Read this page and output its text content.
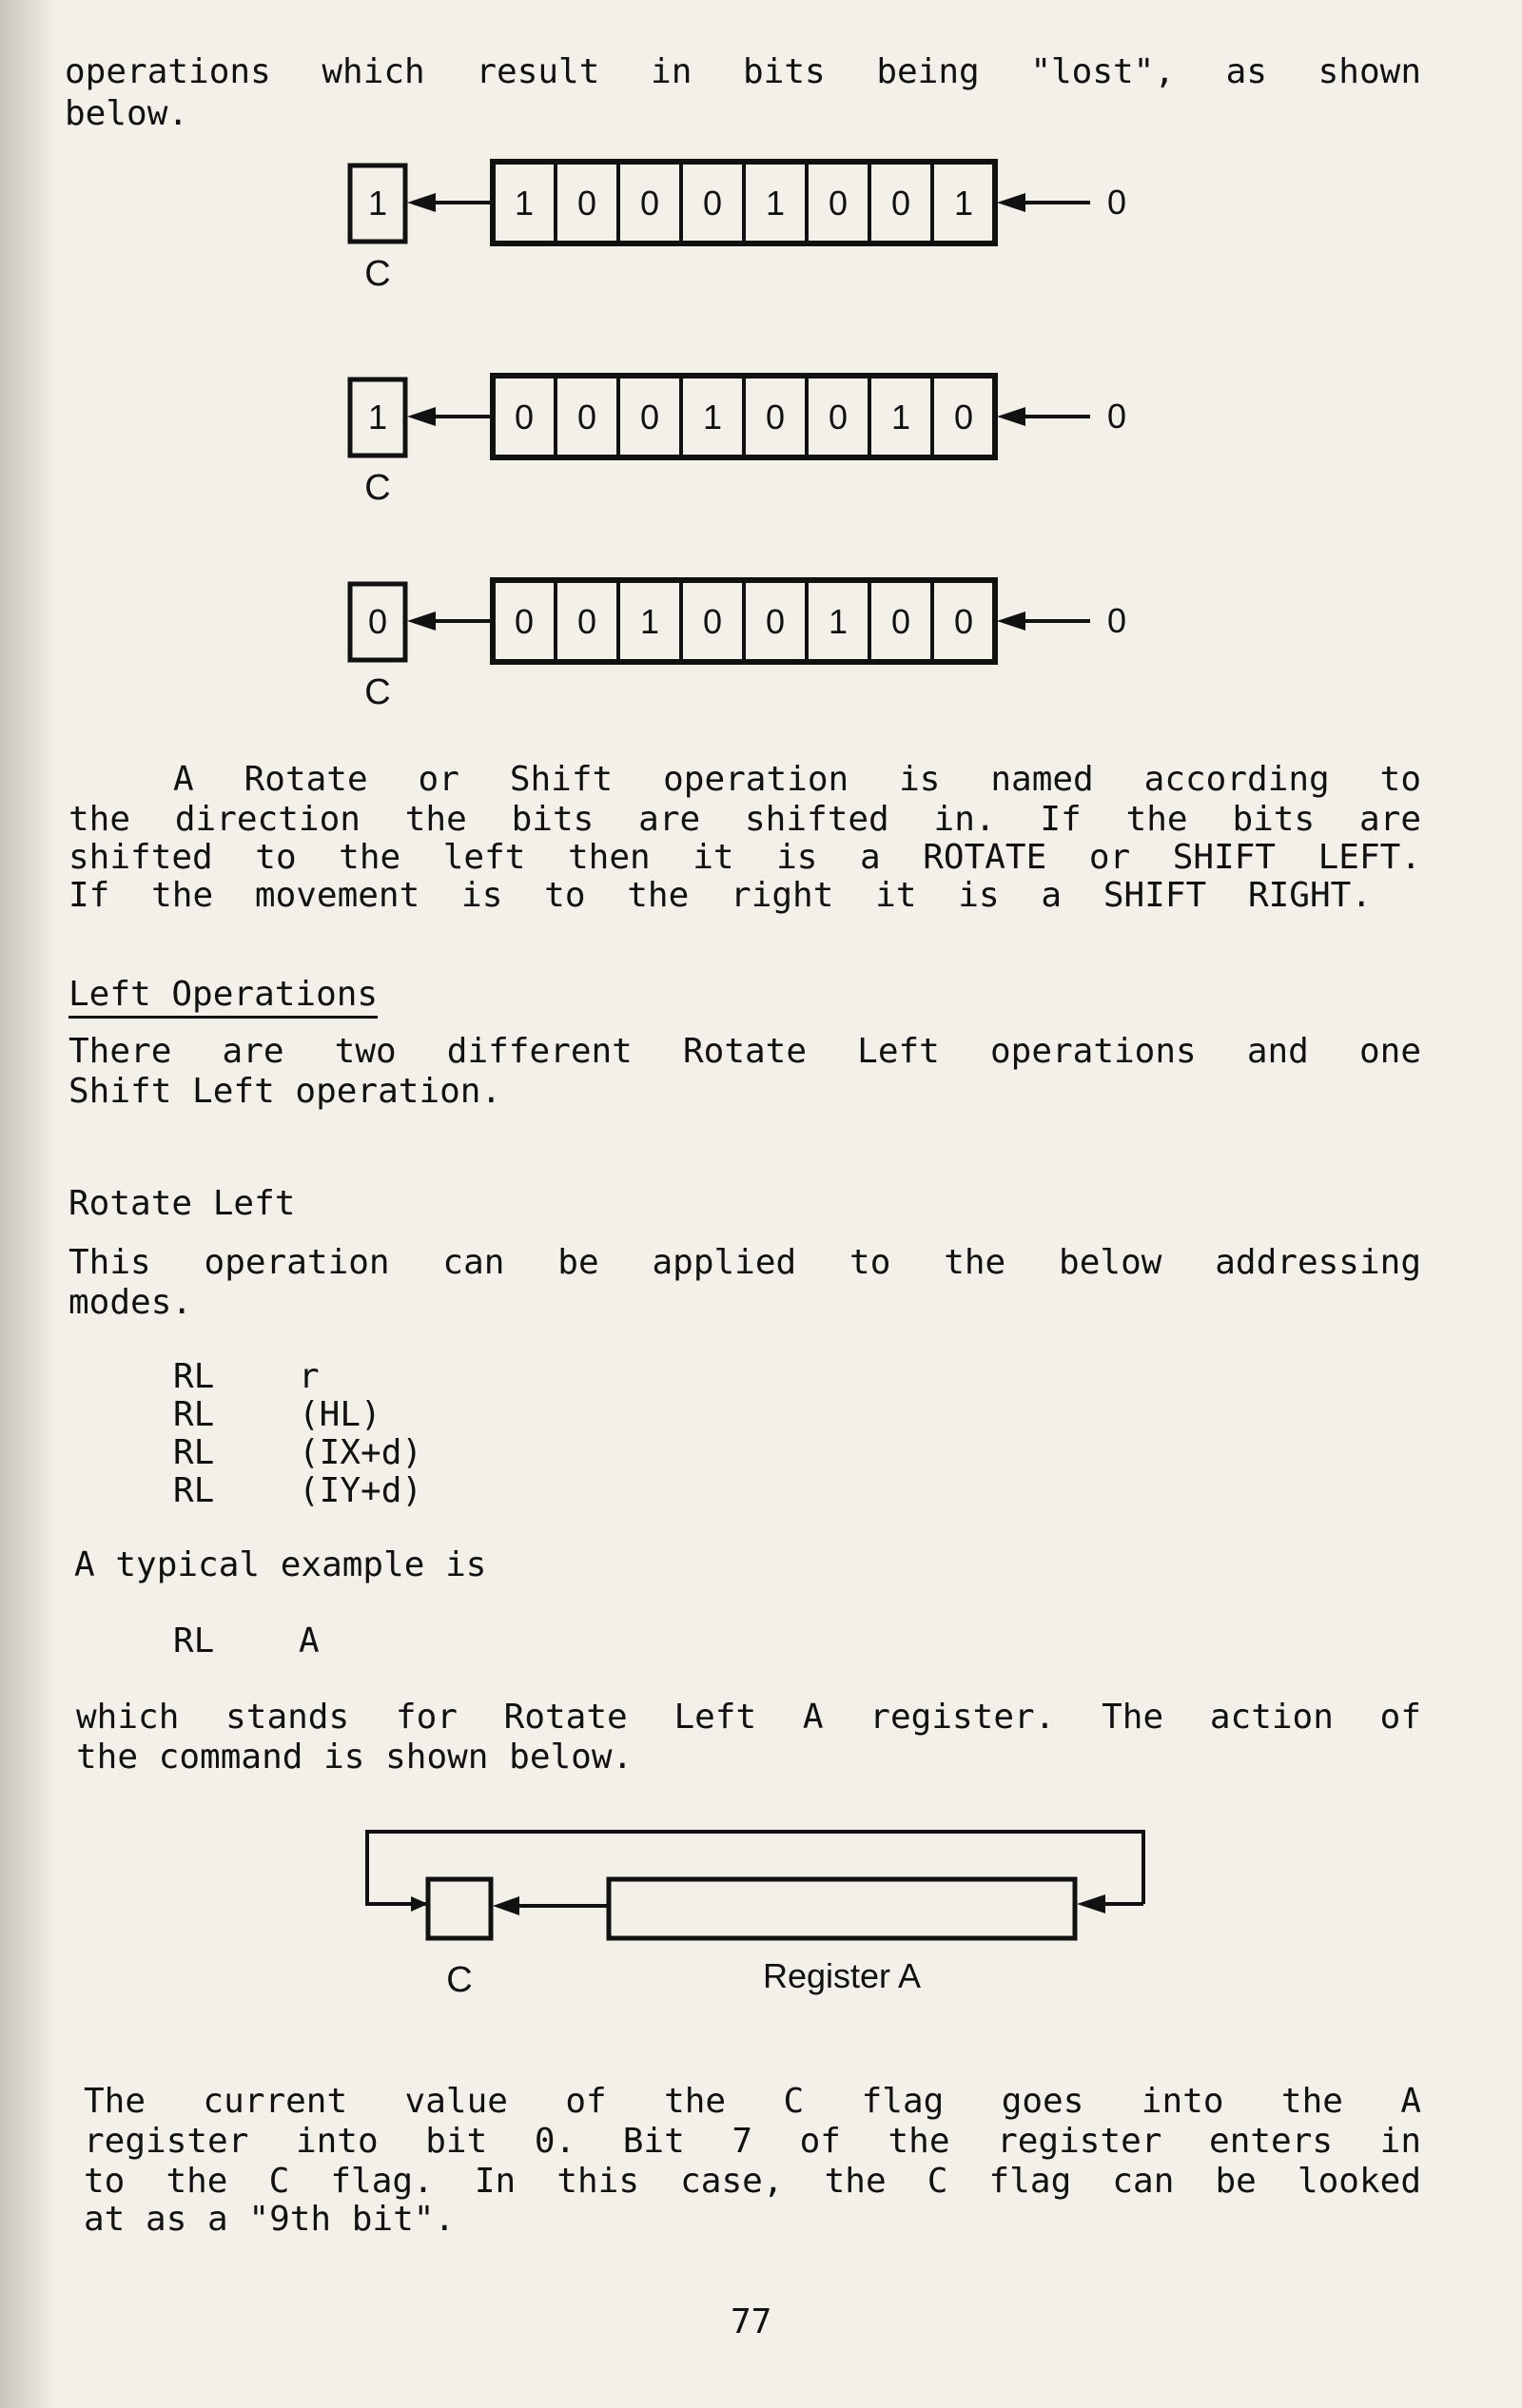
operations which result in bits being "lost", as shown
below.
1
C
1 0 0 0 1 0 0 1	0
1
C
0 0 0 1 0 0 1 0	0
0
C
0 0 1 0 0 1 0 0	0
A Rotate or Shift operation is named according to
the direction the bits are shifted in. If the bits are
shifted to the left then it is a ROTATE or SHIFT LEFT.
If the movement is to the right it is a SHIFT RIGHT.
Left Operations
There are two different Rotate Left operations and one
Shift Left operation.
Rotate Left
This operation can be applied to the below addressing
modes.
RL r
RL (HL)
RL (IX+d)
RL (IY+d)
A typical example is
RL A
which stands for Rotate Left A register. The action of
the command is shown below.
C	Register A
The current value of the C flag goes into the A
register into bit 0. Bit 7 of the register enters in
to the C flag. In this case, the C flag can be looked
at as a "9th bit".
77
